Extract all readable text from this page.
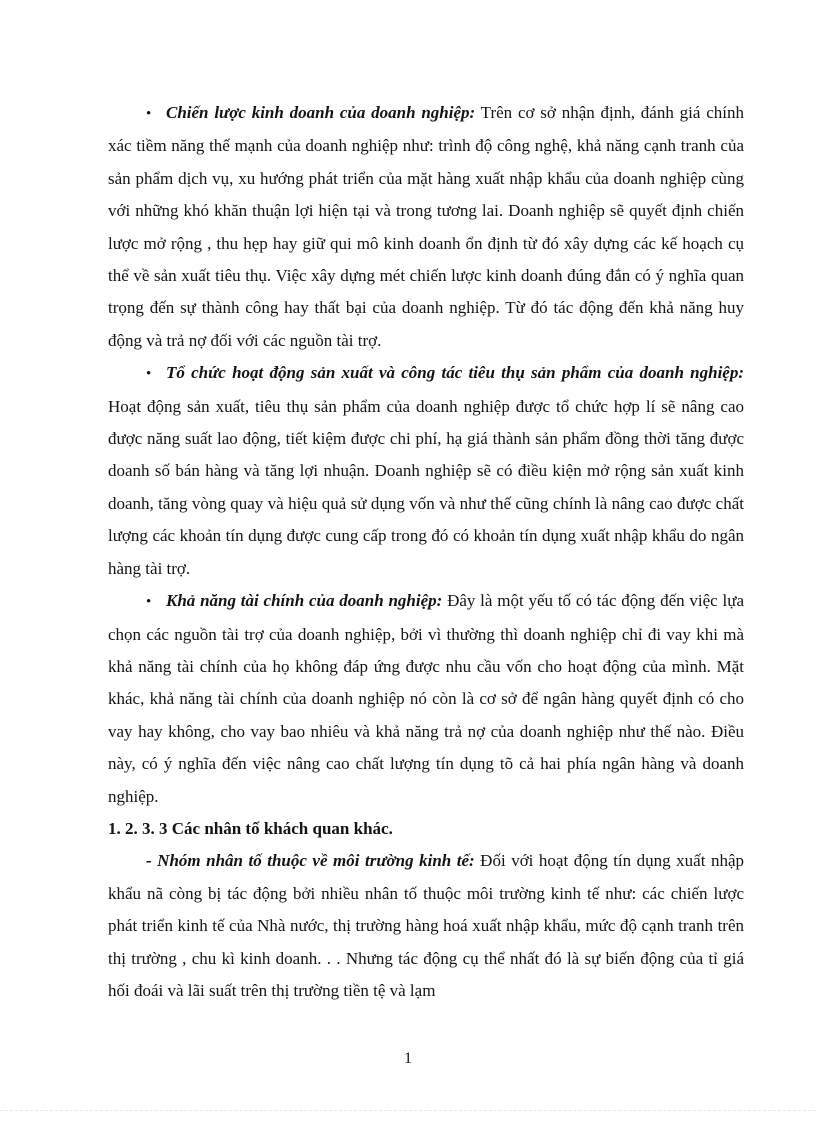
• Chiến lược kinh doanh của doanh nghiệp: Trên cơ sở nhận định, đánh giá chính xác tiềm năng thế mạnh của doanh nghiệp như: trình độ công nghệ, khả năng cạnh tranh của sản phẩm dịch vụ, xu hướng phát triển của mặt hàng xuất nhập khẩu của doanh nghiệp cùng với những khó khăn thuận lợi hiện tại và trong tương lai. Doanh nghiệp sẽ quyết định chiến lược mở rộng , thu hẹp hay giữ qui mô kinh doanh ổn định từ đó xây dựng các kế hoạch cụ thể về sản xuất tiêu thụ. Việc xây dựng mét chiến lược kinh doanh đúng đắn có ý nghĩa quan trọng đến sự thành công hay thất bại của doanh nghiệp. Từ đó tác động đến khả năng huy động và trả nợ đối với các nguồn tài trợ.

• Tổ chức hoạt động sản xuất và công tác tiêu thụ sản phẩm của doanh nghiệp: Hoạt động sản xuất, tiêu thụ sản phẩm của doanh nghiệp được tổ chức hợp lí sẽ nâng cao được năng suất lao động, tiết kiệm được chi phí, hạ giá thành sản phẩm đồng thời tăng được doanh số bán hàng và tăng lợi nhuận. Doanh nghiệp sẽ có điều kiện mở rộng sản xuất kinh doanh, tăng vòng quay và hiệu quả sử dụng vốn và như thế cũng chính là nâng cao được chất lượng các khoản tín dụng được cung cấp trong đó có khoản tín dụng xuất nhập khẩu do ngân hàng tài trợ.

• Khả năng tài chính của doanh nghiệp: Đây là một yếu tố có tác động đến việc lựa chọn các nguồn tài trợ của doanh nghiệp, bởi vì thường thì doanh nghiệp chỉ đi vay khi mà khả năng tài chính của họ không đáp ứng được nhu cầu vốn cho hoạt động của mình. Mặt khác, khả năng tài chính của doanh nghiệp nó còn là cơ sở để ngân hàng quyết định có cho vay hay không, cho vay bao nhiêu và khả năng trả nợ của doanh nghiệp như thế nào. Điều này, có ý nghĩa đến việc nâng cao chất lượng tín dụng tõ cả hai phía ngân hàng và doanh nghiệp.

1. 2. 3. 3 Các nhân tố khách quan khác.

- Nhóm nhân tố thuộc về môi trường kinh tế: Đối với hoạt động tín dụng xuất nhập khẩu nã còng bị tác động bởi nhiều nhân tố thuộc môi trường kinh tế như: các chiến lược phát triển kinh tế của Nhà nước, thị trường hàng hoá xuất nhập khẩu, mức độ cạnh tranh trên thị trường , chu kì kinh doanh. . . Nhưng tác động cụ thể nhất đó là sự biến động của tỉ giá hối đoái và lãi suất trên thị trường tiền tệ và lạm

1
